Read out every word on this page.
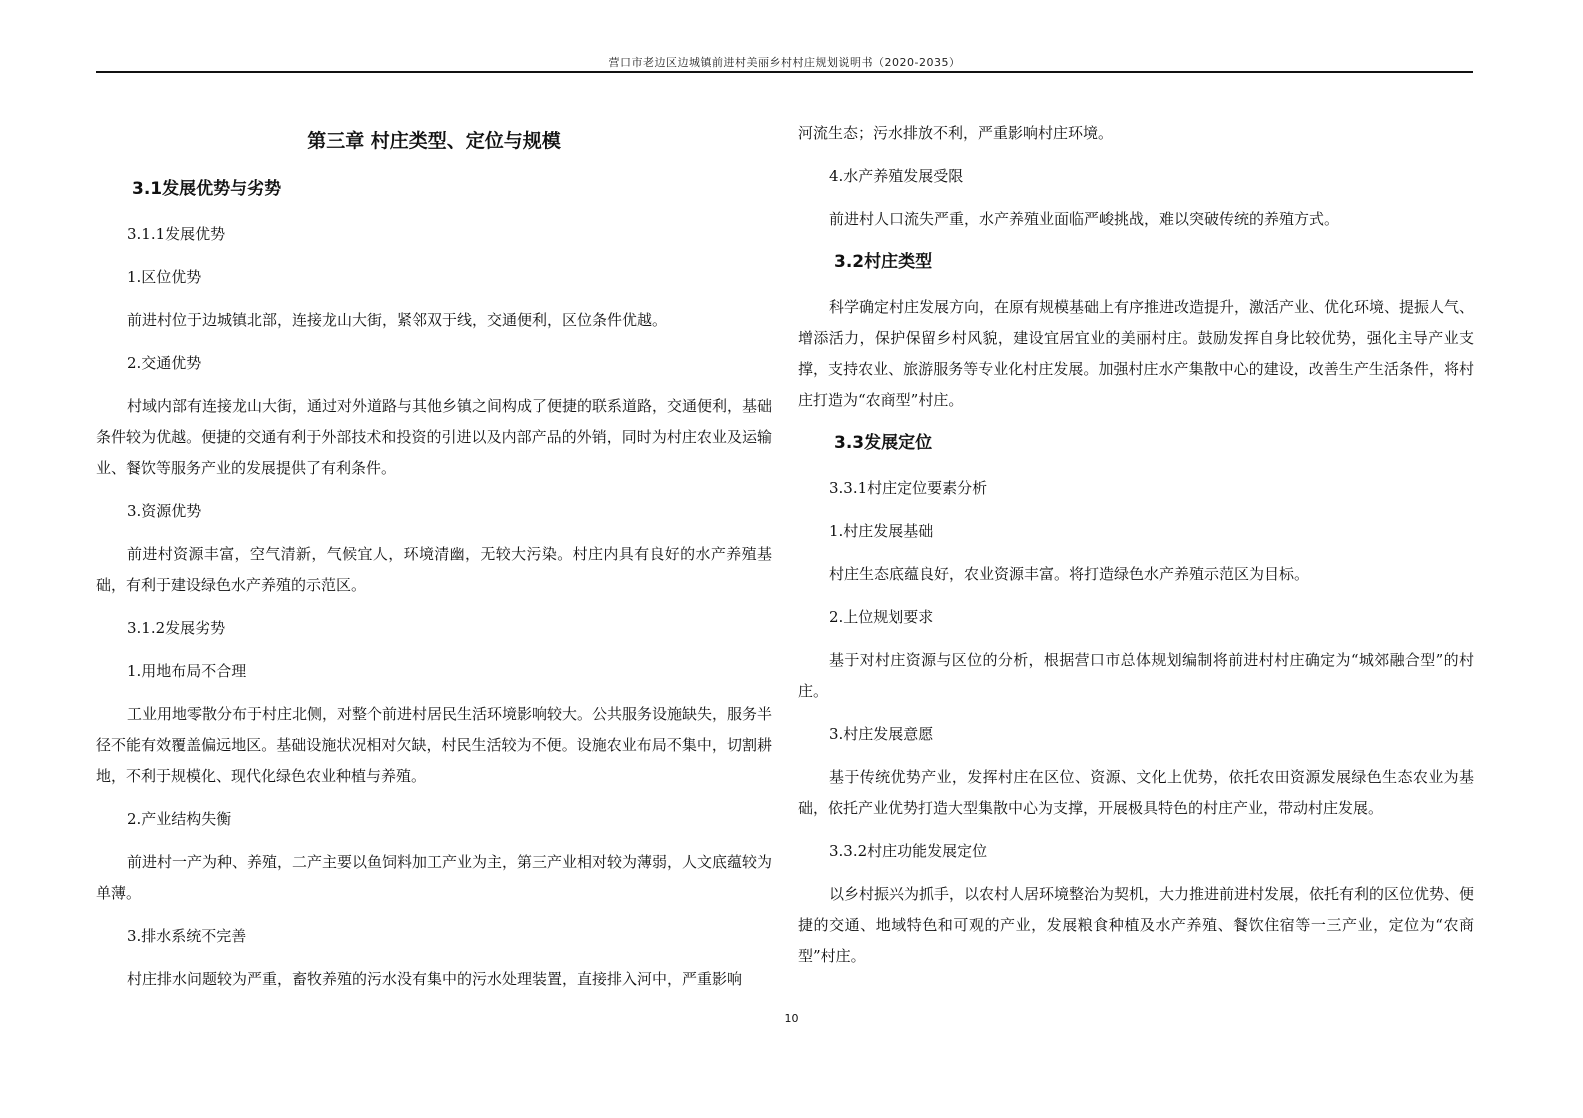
营口市老边区边城镇前进村美丽乡村村庄规划说明书（2020-2035）
第三章 村庄类型、定位与规模
3.1发展优势与劣势
3.1.1发展优势
1.区位优势
前进村位于边城镇北部，连接龙山大街，紧邻双于线，交通便利，区位条件优越。
2.交通优势
村域内部有连接龙山大街，通过对外道路与其他乡镇之间构成了便捷的联系道路，交通便利，基础条件较为优越。便捷的交通有利于外部技术和投资的引进以及内部产品的外销，同时为村庄农业及运输业、餐饮等服务产业的发展提供了有利条件。
3.资源优势
前进村资源丰富，空气清新，气候宜人，环境清幽，无较大污染。村庄内具有良好的水产养殖基础，有利于建设绿色水产养殖的示范区。
3.1.2发展劣势
1.用地布局不合理
工业用地零散分布于村庄北侧，对整个前进村居民生活环境影响较大。公共服务设施缺失，服务半径不能有效覆盖偏远地区。基础设施状况相对欠缺，村民生活较为不便。设施农业布局不集中，切割耕地，不利于规模化、现代化绿色农业种植与养殖。
2.产业结构失衡
前进村一产为种、养殖，二产主要以鱼饲料加工产业为主，第三产业相对较为薄弱，人文底蕴较为单薄。
3.排水系统不完善
村庄排水问题较为严重，畜牧养殖的污水没有集中的污水处理装置，直接排入河中，严重影响
河流生态；污水排放不利，严重影响村庄环境。
4.水产养殖发展受限
前进村人口流失严重，水产养殖业面临严峻挑战，难以突破传统的养殖方式。
3.2村庄类型
科学确定村庄发展方向，在原有规模基础上有序推进改造提升，激活产业、优化环境、提振人气、增添活力，保护保留乡村风貌，建设宜居宜业的美丽村庄。鼓励发挥自身比较优势，强化主导产业支撑，支持农业、旅游服务等专业化村庄发展。加强村庄水产集散中心的建设，改善生产生活条件，将村庄打造为“农商型”村庄。
3.3发展定位
3.3.1村庄定位要素分析
1.村庄发展基础
村庄生态底蕴良好，农业资源丰富。将打造绿色水产养殖示范区为目标。
2.上位规划要求
基于对村庄资源与区位的分析，根据营口市总体规划编制将前进村村庄确定为“城郊融合型”的村庄。
3.村庄发展意愿
基于传统优势产业，发挥村庄在区位、资源、文化上优势，依托农田资源发展绿色生态农业为基础，依托产业优势打造大型集散中心为支撑，开展极具特色的村庄产业，带动村庄发展。
3.3.2村庄功能发展定位
以乡村振兴为抓手，以农村人居环境整治为契机，大力推进前进村发展，依托有利的区位优势、便捷的交通、地域特色和可观的产业，发展粮食种植及水产养殖、餐饮住宿等一三产业，定位为“农商型”村庄。
10
